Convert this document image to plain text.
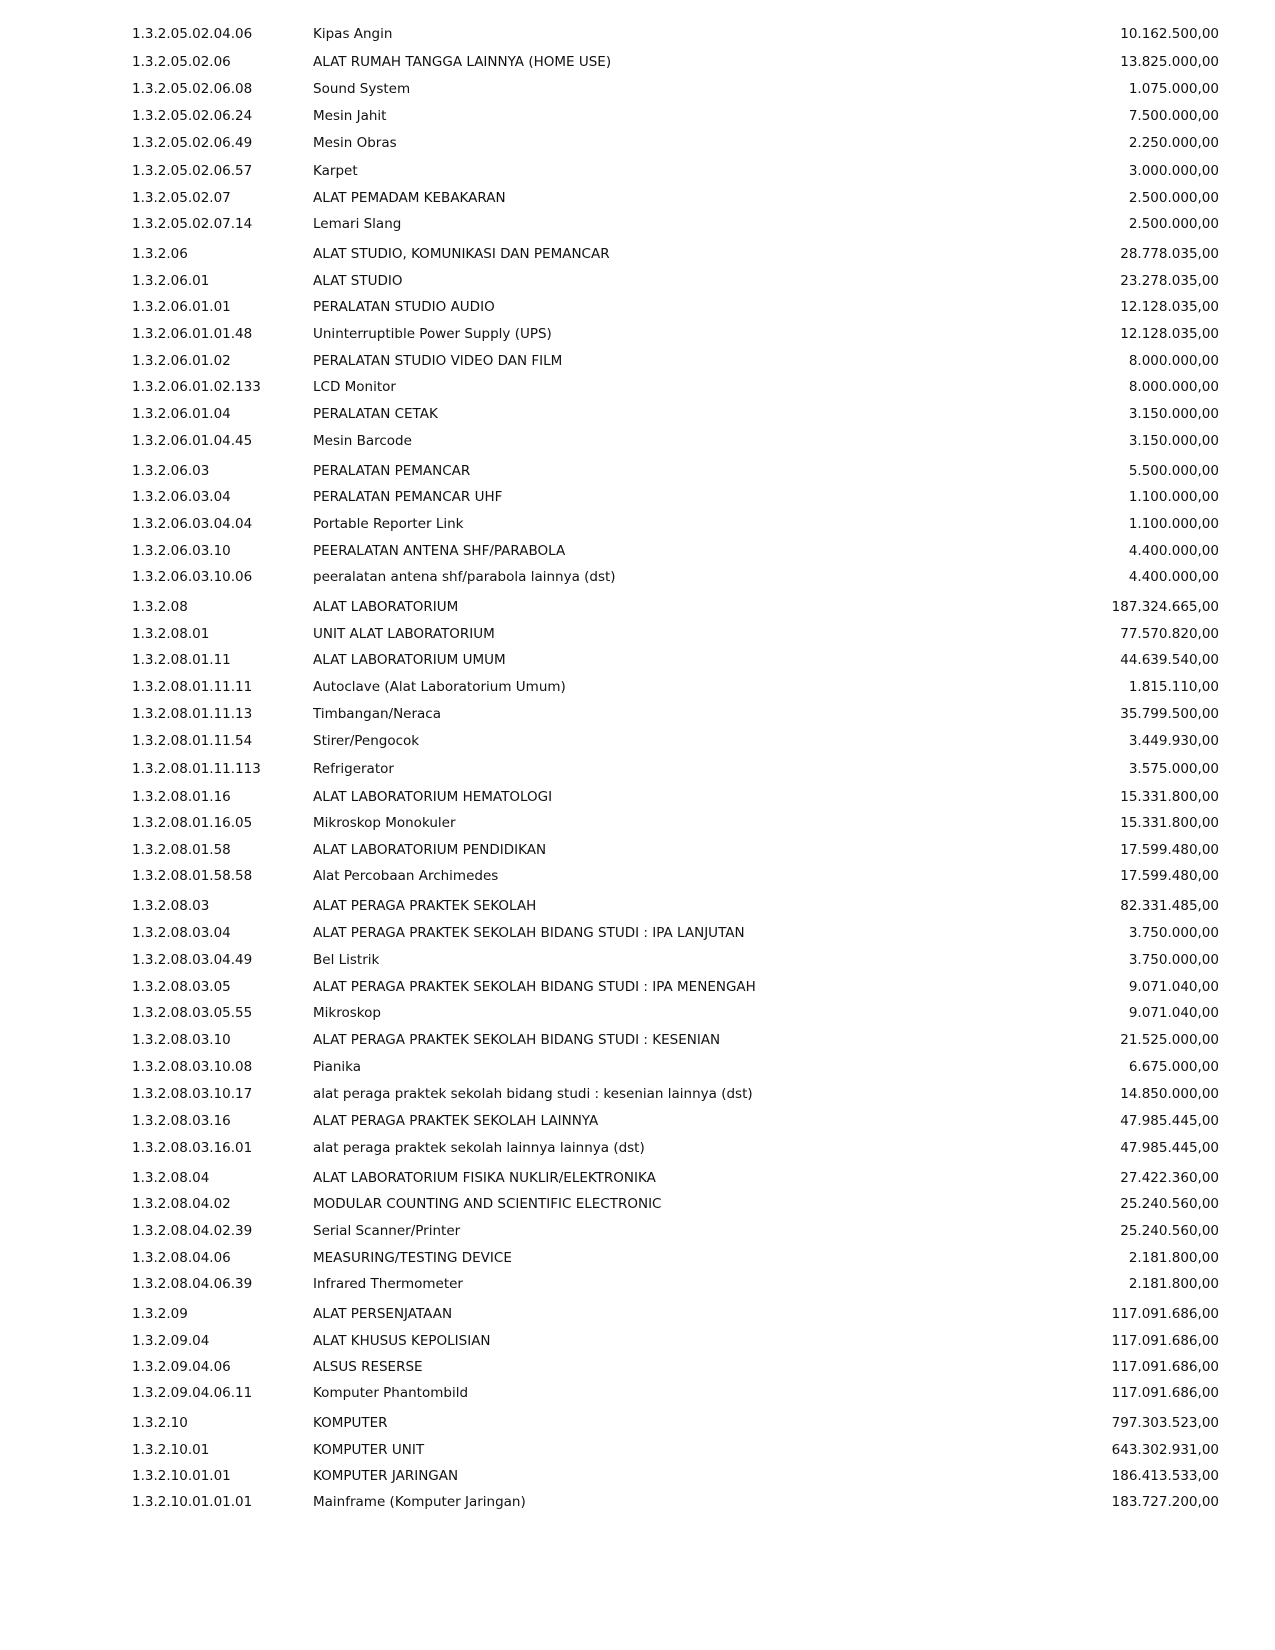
1.3.2.05.02.04.06	Kipas Angin	10.162.500,00
1.3.2.05.02.06	ALAT RUMAH TANGGA LAINNYA (HOME USE)	13.825.000,00
1.3.2.05.02.06.08	Sound System	1.075.000,00
1.3.2.05.02.06.24	Mesin Jahit	7.500.000,00
1.3.2.05.02.06.49	Mesin Obras	2.250.000,00
1.3.2.05.02.06.57	Karpet	3.000.000,00
1.3.2.05.02.07	ALAT PEMADAM KEBAKARAN	2.500.000,00
1.3.2.05.02.07.14	Lemari Slang	2.500.000,00
1.3.2.06	ALAT STUDIO, KOMUNIKASI DAN PEMANCAR	28.778.035,00
1.3.2.06.01	ALAT STUDIO	23.278.035,00
1.3.2.06.01.01	PERALATAN STUDIO AUDIO	12.128.035,00
1.3.2.06.01.01.48	Uninterruptible Power Supply (UPS)	12.128.035,00
1.3.2.06.01.02	PERALATAN STUDIO VIDEO DAN FILM	8.000.000,00
1.3.2.06.01.02.133	LCD Monitor	8.000.000,00
1.3.2.06.01.04	PERALATAN CETAK	3.150.000,00
1.3.2.06.01.04.45	Mesin Barcode	3.150.000,00
1.3.2.06.03	PERALATAN PEMANCAR	5.500.000,00
1.3.2.06.03.04	PERALATAN PEMANCAR UHF	1.100.000,00
1.3.2.06.03.04.04	Portable Reporter Link	1.100.000,00
1.3.2.06.03.10	PEERALATAN ANTENA SHF/PARABOLA	4.400.000,00
1.3.2.06.03.10.06	peeralatan antena shf/parabola lainnya (dst)	4.400.000,00
1.3.2.08	ALAT LABORATORIUM	187.324.665,00
1.3.2.08.01	UNIT ALAT LABORATORIUM	77.570.820,00
1.3.2.08.01.11	ALAT LABORATORIUM UMUM	44.639.540,00
1.3.2.08.01.11.11	Autoclave (Alat Laboratorium Umum)	1.815.110,00
1.3.2.08.01.11.13	Timbangan/Neraca	35.799.500,00
1.3.2.08.01.11.54	Stirer/Pengocok	3.449.930,00
1.3.2.08.01.11.113	Refrigerator	3.575.000,00
1.3.2.08.01.16	ALAT LABORATORIUM HEMATOLOGI	15.331.800,00
1.3.2.08.01.16.05	Mikroskop Monokuler	15.331.800,00
1.3.2.08.01.58	ALAT LABORATORIUM PENDIDIKAN	17.599.480,00
1.3.2.08.01.58.58	Alat Percobaan Archimedes	17.599.480,00
1.3.2.08.03	ALAT PERAGA PRAKTEK SEKOLAH	82.331.485,00
1.3.2.08.03.04	ALAT PERAGA PRAKTEK SEKOLAH BIDANG STUDI : IPA LANJUTAN	3.750.000,00
1.3.2.08.03.04.49	Bel Listrik	3.750.000,00
1.3.2.08.03.05	ALAT PERAGA PRAKTEK SEKOLAH BIDANG STUDI : IPA MENENGAH	9.071.040,00
1.3.2.08.03.05.55	Mikroskop	9.071.040,00
1.3.2.08.03.10	ALAT PERAGA PRAKTEK SEKOLAH BIDANG STUDI : KESENIAN	21.525.000,00
1.3.2.08.03.10.08	Pianika	6.675.000,00
1.3.2.08.03.10.17	alat peraga praktek sekolah bidang studi : kesenian lainnya (dst)	14.850.000,00
1.3.2.08.03.16	ALAT PERAGA PRAKTEK SEKOLAH LAINNYA	47.985.445,00
1.3.2.08.03.16.01	alat peraga praktek sekolah lainnya lainnya (dst)	47.985.445,00
1.3.2.08.04	ALAT LABORATORIUM FISIKA NUKLIR/ELEKTRONIKA	27.422.360,00
1.3.2.08.04.02	MODULAR COUNTING AND SCIENTIFIC ELECTRONIC	25.240.560,00
1.3.2.08.04.02.39	Serial Scanner/Printer	25.240.560,00
1.3.2.08.04.06	MEASURING/TESTING DEVICE	2.181.800,00
1.3.2.08.04.06.39	Infrared Thermometer	2.181.800,00
1.3.2.09	ALAT PERSENJATAAN	117.091.686,00
1.3.2.09.04	ALAT KHUSUS KEPOLISIAN	117.091.686,00
1.3.2.09.04.06	ALSUS RESERSE	117.091.686,00
1.3.2.09.04.06.11	Komputer Phantombild	117.091.686,00
1.3.2.10	KOMPUTER	797.303.523,00
1.3.2.10.01	KOMPUTER UNIT	643.302.931,00
1.3.2.10.01.01	KOMPUTER JARINGAN	186.413.533,00
1.3.2.10.01.01.01	Mainframe (Komputer Jaringan)	183.727.200,00
